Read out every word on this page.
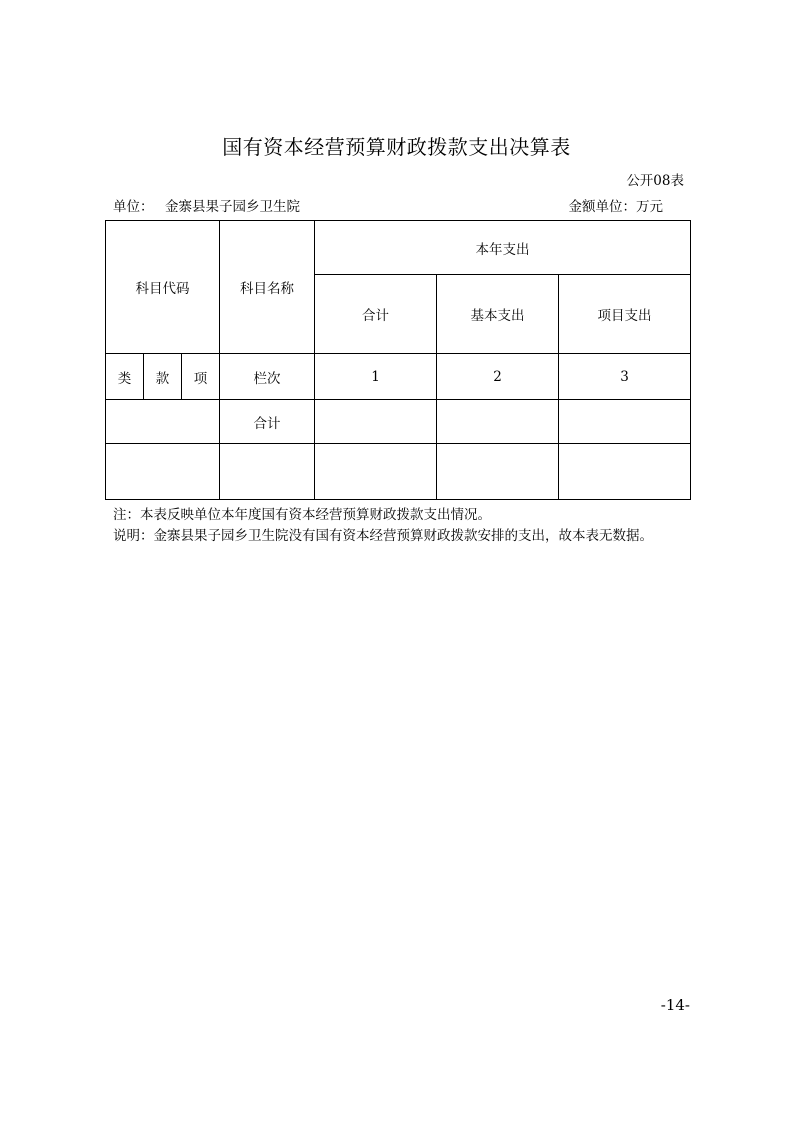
国有资本经营预算财政拨款支出决算表
公开08表
单位： 金寨县果子园乡卫生院	金额单位：万元
科目代码			科目名称	本年支出		
				合计	基本支出	项目支出
类	款	项	栏次	1	2	3
			合计			

注：本表反映单位本年度国有资本经营预算财政拨款支出情况。
说明：金寨县果子园乡卫生院没有国有资本经营预算财政拨款安排的支出，故本表无数据。
-14-
